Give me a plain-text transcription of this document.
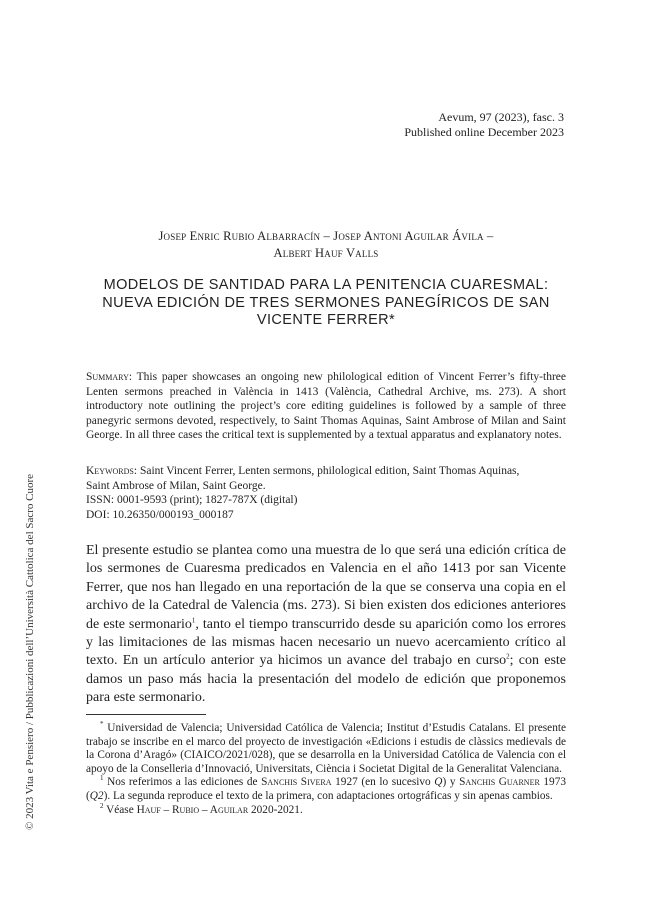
Aevum, 97 (2023), fasc. 3
Published online December 2023
© 2023 Vita e Pensiero / Pubblicazioni dell’Università Cattolica del Sacro Cuore
Josep Enric Rubio Albarracín – Josep Antoni Aguilar Ávila –
Albert Hauf Valls
MODELOS DE SANTIDAD PARA LA PENITENCIA CUARESMAL:
NUEVA EDICIÓN DE TRES SERMONES PANEGÍRICOS DE SAN
VICENTE FERRER*
Summary: This paper showcases an ongoing new philological edition of Vincent Ferrer’s fifty-three Lenten sermons preached in València in 1413 (València, Cathedral Archive, ms. 273). A short introductory note outlining the project’s core editing guidelines is followed by a sample of three panegyric sermons devoted, respectively, to Saint Thomas Aquinas, Saint Ambrose of Milan and Saint George. In all three cases the critical text is supplemented by a textual apparatus and explanatory notes.
Keywords: Saint Vincent Ferrer, Lenten sermons, philological edition, Saint Thomas Aquinas,
Saint Ambrose of Milan, Saint George.
ISSN: 0001-9593 (print); 1827-787X (digital)
DOI: 10.26350/000193_000187
El presente estudio se plantea como una muestra de lo que será una edición crítica de los sermones de Cuaresma predicados en Valencia en el año 1413 por san Vicente Ferrer, que nos han llegado en una reportación de la que se conserva una copia en el archivo de la Catedral de Valencia (ms. 273). Si bien existen dos ediciones anteriores de este sermonario$^1$, tanto el tiempo transcurrido desde su aparición como los errores y las limitaciones de las mismas hacen necesario un nuevo acercamiento crítico al texto. En un artículo anterior ya hicimos un avance del trabajo en curso$^2$; con este damos un paso más hacia la presentación del modelo de edición que proponemos para este sermonario.

* Universidad de Valencia; Universidad Católica de Valencia; Institut d’Estudis Catalans. El presente trabajo se inscribe en el marco del proyecto de investigación «Edicions i estudis de clàssics medievals de la Corona d’Aragó» (CIAICO/2021/028), que se desarrolla en la Universidad Católica de Valencia con el apoyo de la Conselleria d’Innovació, Universitats, Ciència i Societat Digital de la Generalitat Valenciana.

$^1$ Nos referimos a las ediciones de Sanchis Sivera 1927 (en lo sucesivo Q) y Sanchis Guarner 1973 (Q2). La segunda reproduce el texto de la primera, con adaptaciones ortográficas y sin apenas cambios.

$^2$ Véase Hauf – Rubio – Aguilar 2020-2021.
